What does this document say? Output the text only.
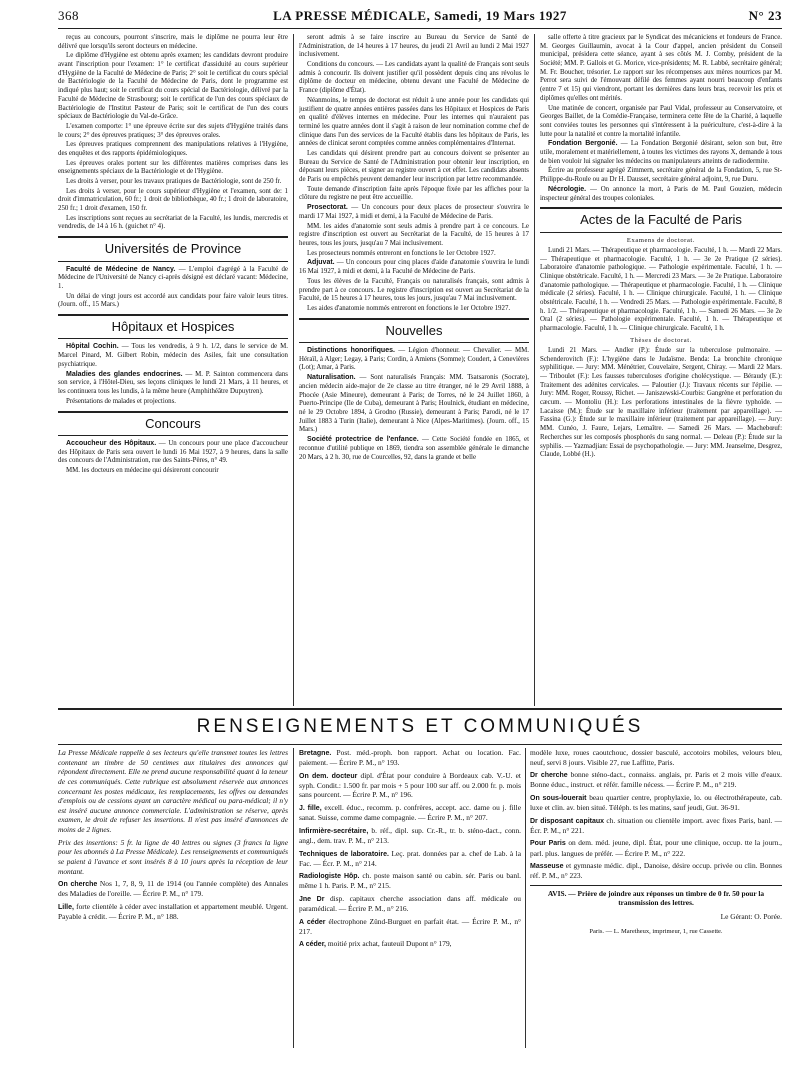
368	LA PRESSE MÉDICALE, Samedi, 19 Mars 1927	N° 23

reçus au concours, pourront s'inscrire, mais le diplôme ne pourra leur être délivré que lorsqu'ils seront docteurs en médecine.

Le diplôme d'Hygiène est obtenu après examen; les candidats devront produire avant l'inscription pour l'examen: 1° le certificat d'assiduité au cours supérieur d'Hygiène de la Faculté de Médecine de Paris; 2° soit le certificat du cours spécial de Bactériologie de la Faculté de Médecine de Paris, dont le programme est indiqué plus haut; soit le certificat du cours spécial de Bactériologie, délivré par la Faculté de Médecine de Strasbourg; soit le certificat de l'un des cours spéciaux de Bactériologie de l'Institut Pasteur de Paris; soit le certificat de l'un des cours spéciaux de Bactériologie du Val-de-Grâce.

L'examen comporte: 1° une épreuve écrite sur des sujets d'Hygiène traités dans le cours; 2° des épreuves pratiques; 3° des épreuves orales.

Les épreuves pratiques comprennent des manipulations relatives à l'Hygiène, des enquêtes et des rapports épidémiologiques.

Les épreuves orales portent sur les différentes matières comprises dans les enseignements spéciaux de la Bactériologie et de l'Hygiène.

Les droits à verser, pour les travaux pratiques de Bactériologie, sont de 250 fr.

Les droits à verser, pour le cours supérieur d'Hygiène et l'examen, sont de: 1 droit d'immatriculation, 60 fr.; 1 droit de bibliothèque, 40 fr.; 1 droit de laboratoire, 250 fr.; 1 droit d'examen, 150 fr.

Les inscriptions sont reçues au secrétariat de la Faculté, les lundis, mercredis et vendredis, de 14 à 16 h. (guichet n° 4).

Universités de Province

Faculté de Médecine de Nancy. — L'emploi d'agrégé à la Faculté de Médecine de l'Université de Nancy ci-après désigné est déclaré vacant: Médecine, 1.

Un délai de vingt jours est accordé aux candidats pour faire valoir leurs titres. (Journ. off., 15 Mars.)

Hôpitaux et Hospices

Hôpital Cochin. — Tous les vendredis, à 9 h. 1/2, dans le service de M. Marcel Pinard, M. Gilbert Robin, médecin des Asiles, fait une consultation psychiatrique.

Maladies des glandes endocrines. — M. P. Sainton commencera dans son service, à l'Hôtel-Dieu, ses leçons cliniques le lundi 21 Mars, à 11 heures, et les continuera tous les lundis, à la même heure (Amphithéâtre Dupuytren).

Présentations de malades et projections.

Concours

Accoucheur des Hôpitaux. — Un concours pour une place d'accoucheur des Hôpitaux de Paris sera ouvert le lundi 16 Mai 1927, à 9 heures, dans la salle des concours de l'Administration, rue des Saints-Pères, n° 49.

MM. les docteurs en médecine qui désireront concourir

seront admis à se faire inscrire au Bureau du Service de Santé de l'Administration, de 14 heures à 17 heures, du jeudi 21 Avril au lundi 2 Mai 1927 inclusivement.

Conditions du concours. — Les candidats ayant la qualité de Français sont seuls admis à concourir. Ils doivent justifier qu'il possèdent depuis cinq ans révolus le diplôme de docteur en médecine, obtenu devant une Faculté de Médecine de France (diplôme d'État).

Néanmoins, le temps de doctorat est réduit à une année pour les candidats qui justifient de quatre années entières passées dans les Hôpitaux et Hospices de Paris en qualité d'élèves internes en médecine. Pour les internes qui n'auraient pas terminé les quatre années dont il s'agit à raison de leur nomination comme chef de clinique dans l'un des services de la Faculté établis dans les hôpitaux de Paris, les années de clinicat seront comptées comme années complémentaires d'Internat.

Les candidats qui désirent prendre part au concours doivent se présenter au Bureau du Service de Santé de l'Administration pour obtenir leur inscription, en déposant leurs pièces, et signer au registre ouvert à cet effet. Les candidats absents de Paris ou empêchés peuvent demander leur inscription par lettre recommandée.

Toute demande d'inscription faite après l'époque fixée par les affiches pour la clôture du registre ne peut être accueillie.

Prosectorat. — Un concours pour deux places de prosecteur s'ouvrira le mardi 17 Mai 1927, à midi et demi, à la Faculté de Médecine de Paris.

MM. les aides d'anatomie sont seuls admis à prendre part à ce concours. Le registre d'inscription est ouvert au Secrétariat de la Faculté, de 15 heures à 17 heures, tous les jours, jusqu'au 7 Mai inclusivement.

Les prosecteurs nommés entreront en fonctions le 1er Octobre 1927.

Adjuvat. — Un concours pour cinq places d'aide d'anatomie s'ouvrira le lundi 16 Mai 1927, à midi et demi, à la Faculté de Médecine de Paris.

Tous les élèves de la Faculté, Français ou naturalisés français, sont admis à prendre part à ce concours. Le registre d'inscription est ouvert au Secrétariat de la Faculté, de 15 heures à 17 heures, tous les jours, jusqu'au 7 Mai inclusivement.

Les aides d'anatomie nommés entreront en fonctions le 1er Octobre 1927.

Nouvelles

Distinctions honorifiques. — Légion d'honneur. — Chevalier. — MM. Héraïl, à Alger; Legay, à Paris; Cordin, à Amiens (Somme); Coudert, à Cenevières (Lot); Amar, à Paris.

Naturalisation. — Sont naturalisés Français: MM. Tsatsaronis (Socrate), ancien médecin aide-major de 2e classe au titre étranger, né le 29 Avril 1888, à Phocée (Asie Mineure), demeurant à Paris; de Torres, né le 24 Juillet 1860, à Puerto-Principe (Ile de Cuba), demeurant à Paris; Houlnick, étudiant en médecine, né le 29 Octobre 1894, à Grodno (Russie), demeurant à Paris; Parodi, né le 17 Juillet 1883 à Turin (Italie), demeurant à Nice (Alpes-Maritimes). (Journ. off., 15 Mars.)

Société protectrice de l'enfance. — Cette Société fondée en 1865, et reconnue d'utilité publique en 1869, tiendra son assemblée générale le dimanche 20 Mars, à 2 h. 30, rue de Courcelles, 92, dans la grande et belle

salle offerte à titre gracieux par le Syndicat des mécaniciens et fondeurs de France. M. Georges Guillaumin, avocat à la Cour d'appel, ancien président du Conseil municipal, présidera cette séance, ayant à ses côtés M. J. Comby, président de la Société; MM. P. Gallois et G. Morice, vice-présidents; M. R. Labbé, secrétaire général; M. Fr. Boucher, trésorier. Le rapport sur les récompenses aux mères nourrices par M. Perrot sera suivi de l'émouvant défilé des femmes ayant nourri beaucoup d'enfants (entre 7 et 15) qui viendront, portant les dernières dans leurs bras, recevoir les prix et diplômes qu'elles ont mérités.

Une matinée de concert, organisée par Paul Vidal, professeur au Conservatoire, et Georges Baillet, de la Comédie-Française, terminera cette fête de la Charité, à laquelle sont conviées toutes les personnes qui s'intéressent à la puériculture, c'est-à-dire à la lutte pour la natalité et contre la mortalité infantile.

Fondation Bergonié. — La Fondation Bergonié désirant, selon son but, être utile, moralement et matériellement, à toutes les victimes des rayons X, demande à tous de bien vouloir lui signaler les médecins ou manipulateurs atteints de radiodermite.

Écrire au professeur agrégé Zimmern, secrétaire général de la Fondation, 5, rue St-Philippe-du-Roule ou au Dr H. Dausset, secrétaire général adjoint, 9, rue Duru.

Nécrologie. — On annonce la mort, à Paris de M. Paul Gouzien, médecin inspecteur général des troupes coloniales.

Actes de la Faculté de Paris
Examens de doctorat.

Lundi 21 Mars. — Thérapeutique et pharmacologie. Faculté, 1 h. — Mardi 22 Mars. — Thérapeutique et pharmacologie. Faculté, 1 h. — 3e 2e Pratique (2 séries). Laboratoire d'anatomie pathologique. — Pathologie expérimentale. Faculté, 1 h. — Clinique obstétricale. Faculté, 1 h. — Mercredi 23 Mars. — 3e 2e Pratique. Laboratoire d'anatomie pathologique. — Thérapeutique et pharmacologie. Faculté, 1 h. — Clinique médicale (2 séries). Faculté, 1 h. — Clinique chirurgicale. Faculté, 1 h. — Clinique obstétricale. Faculté, 1 h. — Vendredi 25 Mars. — Pathologie expérimentale. Faculté, 8 h. 1/2. — Thérapeutique et pharmacologie. Faculté, 1 h. — Samedi 26 Mars. — 3e 2e Oral (2 séries). — Pathologie expérimentale. Faculté, 1 h. — Thérapeutique et pharmacologie. Faculté, 1 h. — Clinique chirurgicale. Faculté, 1 h.

Thèses de doctorat.

Lundi 21 Mars. — Andler (P.): Étude sur la tuberculose pulmonaire. — Schenderovitch (F.): L'hygiène dans le Judaïsme. Benda: La bronchite chronique syphilitique. — Jury: MM. Ménétrier, Couvelaire, Sergent, Chiray. — Mardi 22 Mars. — Triboulet (F.): Les fausses tuberculoses d'origine cholécystique. — Béraudy (E.): Traitement des adénites cervicales. — Paloutier (J.): Travaux récents sur l'épilie. — Jury: MM. Roger, Roussy, Richet. — Janiszewski-Courbis: Gangrène et perforation du cæcum. — Montoliu (H.): Les perforations intestinales de la fièvre typhoïde. — Lacaisse (M.): Étude sur le maxillaire inférieur (traitement par appareillage). — Fassina (G.): Étude sur le maxillaire inférieur (traitement par appareillage). — Jury: MM. Cunéo, J. Faure, Lejars, Lemaître. — Samedi 26 Mars. — Machebœuf: Recherches sur les composés phosphorés du sang normal. — Deleau (P.): Étude sur la syphilis. — Yazmadjian: Essai de psychopathologie. — Jury: MM. Jeanselme, Desgrez, Claude, Lobbé (H.).

RENSEIGNEMENTS ET COMMUNIQUÉS

La Presse Médicale rappelle à ses lecteurs qu'elle transmet toutes les lettres contenant un timbre de 50 centimes aux titulaires des annonces qui répondent directement. Elle ne prend aucune responsabilité quant à la teneur de ces communiqués. Cette rubrique est absolument réservée aux annonces concernant les postes médicaux, les remplacements, les offres ou demandes d'emplois ou de cessions ayant un caractère médical ou para-médical; il n'y est inséré aucune annonce commerciale. L'administration se réserve, après examen, le droit de refuser les insertions. Il n'est pas inséré d'annonces de moins de 2 lignes.

Prix des insertions: 5 fr. la ligne de 40 lettres ou signes (3 francs la ligne pour les abonnés à La Presse Médicale). Les renseignements et communiqués se paient à l'avance et sont insérés 8 à 10 jours après la réception de leur montant.

On cherche Nos 1, 7, 8, 9, 11 de 1914 (ou l'année complète) des Annales des Maladies de l'oreille. — Écrire P. M., n° 179.

Lille, forte clientèle à céder avec installation et appartement meublé. Urgent. Payable à crédit. — Écrire P. M., n° 188.

Bretagne. Post. méd.-proph. bon rapport. Achat ou location. Fac. paiement. — Écrire P. M., n° 193.

On dem. docteur dipl. d'État pour conduire à Bordeaux cab. V.-U. et syph. Condit.: 1.500 fr. par mois + 5 pour 100 sur aff. ou 2.000 fr. p. mois sans pourcent. — Écrire P. M., n° 196.

J. fille, excell. éduc., recomm. p. confrères, accept. acc. dame ou j. fille sanat. Suisse, comme dame compagnie. — Écrire P. M., n° 207.

Infirmière-secrétaire, b. réf., dipl. sup. Cr.-R., tr. b. sténo-dact., conn. angl., dem. trav. P. M., n° 213.

Techniques de laboratoire. Leç. prat. données par a. chef de Lab. à la Fac. — Écr. P. M., n° 214.

Radiologiste Hôp. ch. poste maison santé ou cabin. sér. Paris ou banl. même 1 h. Paris. P. M., n° 215.

Jne Dr disp. capitaux cherche association dans aff. médicale ou paramédical. — Écrire P. M., n° 216.

A céder électrophone Zünd-Burguet en parfait état. — Écrire P. M., n° 217.

A céder, moitié prix achat, fauteuil Dupont n° 179,

modèle luxe, roues caoutchouc, dossier basculé, accotoirs mobiles, velours bleu, neuf, servi 8 jours. Visible 27, rue Laffitte, Paris.

Dr cherche bonne sténo-dact., connaiss. anglais, pr. Paris et 2 mois ville d'eaux. Bonne éduc., instruct. et référ. famille nécess. — Écrire P. M., n° 219.

On sous-louerait beau quartier centre, prophylaxie, lo. ou électrothérapeute, cab. luxe et clin. av. bien situé. Téléph. ts les matins, sauf jeudi, Gut. 36-91.

Dr disposant capitaux ch. situation ou clientèle import. avec fixes Paris, banl. — Écr. P. M., n° 221.

Pour Paris on dem. méd. jeune, dipl. État, pour une clinique, occup. tte la journ., parl. plus. langues de préfér. — Écrire P. M., n° 222.

Masseuse et gymnaste médic. dipl., Danoise, désire occup. privée ou clin. Bonnes réf. P. M., n° 223.

AVIS. — Prière de joindre aux réponses un timbre de 0 fr. 50 pour la transmission des lettres.
Le Gérant: O. Porée.
Paris. — L. Maretheux, imprimeur, 1, rue Cassette.
